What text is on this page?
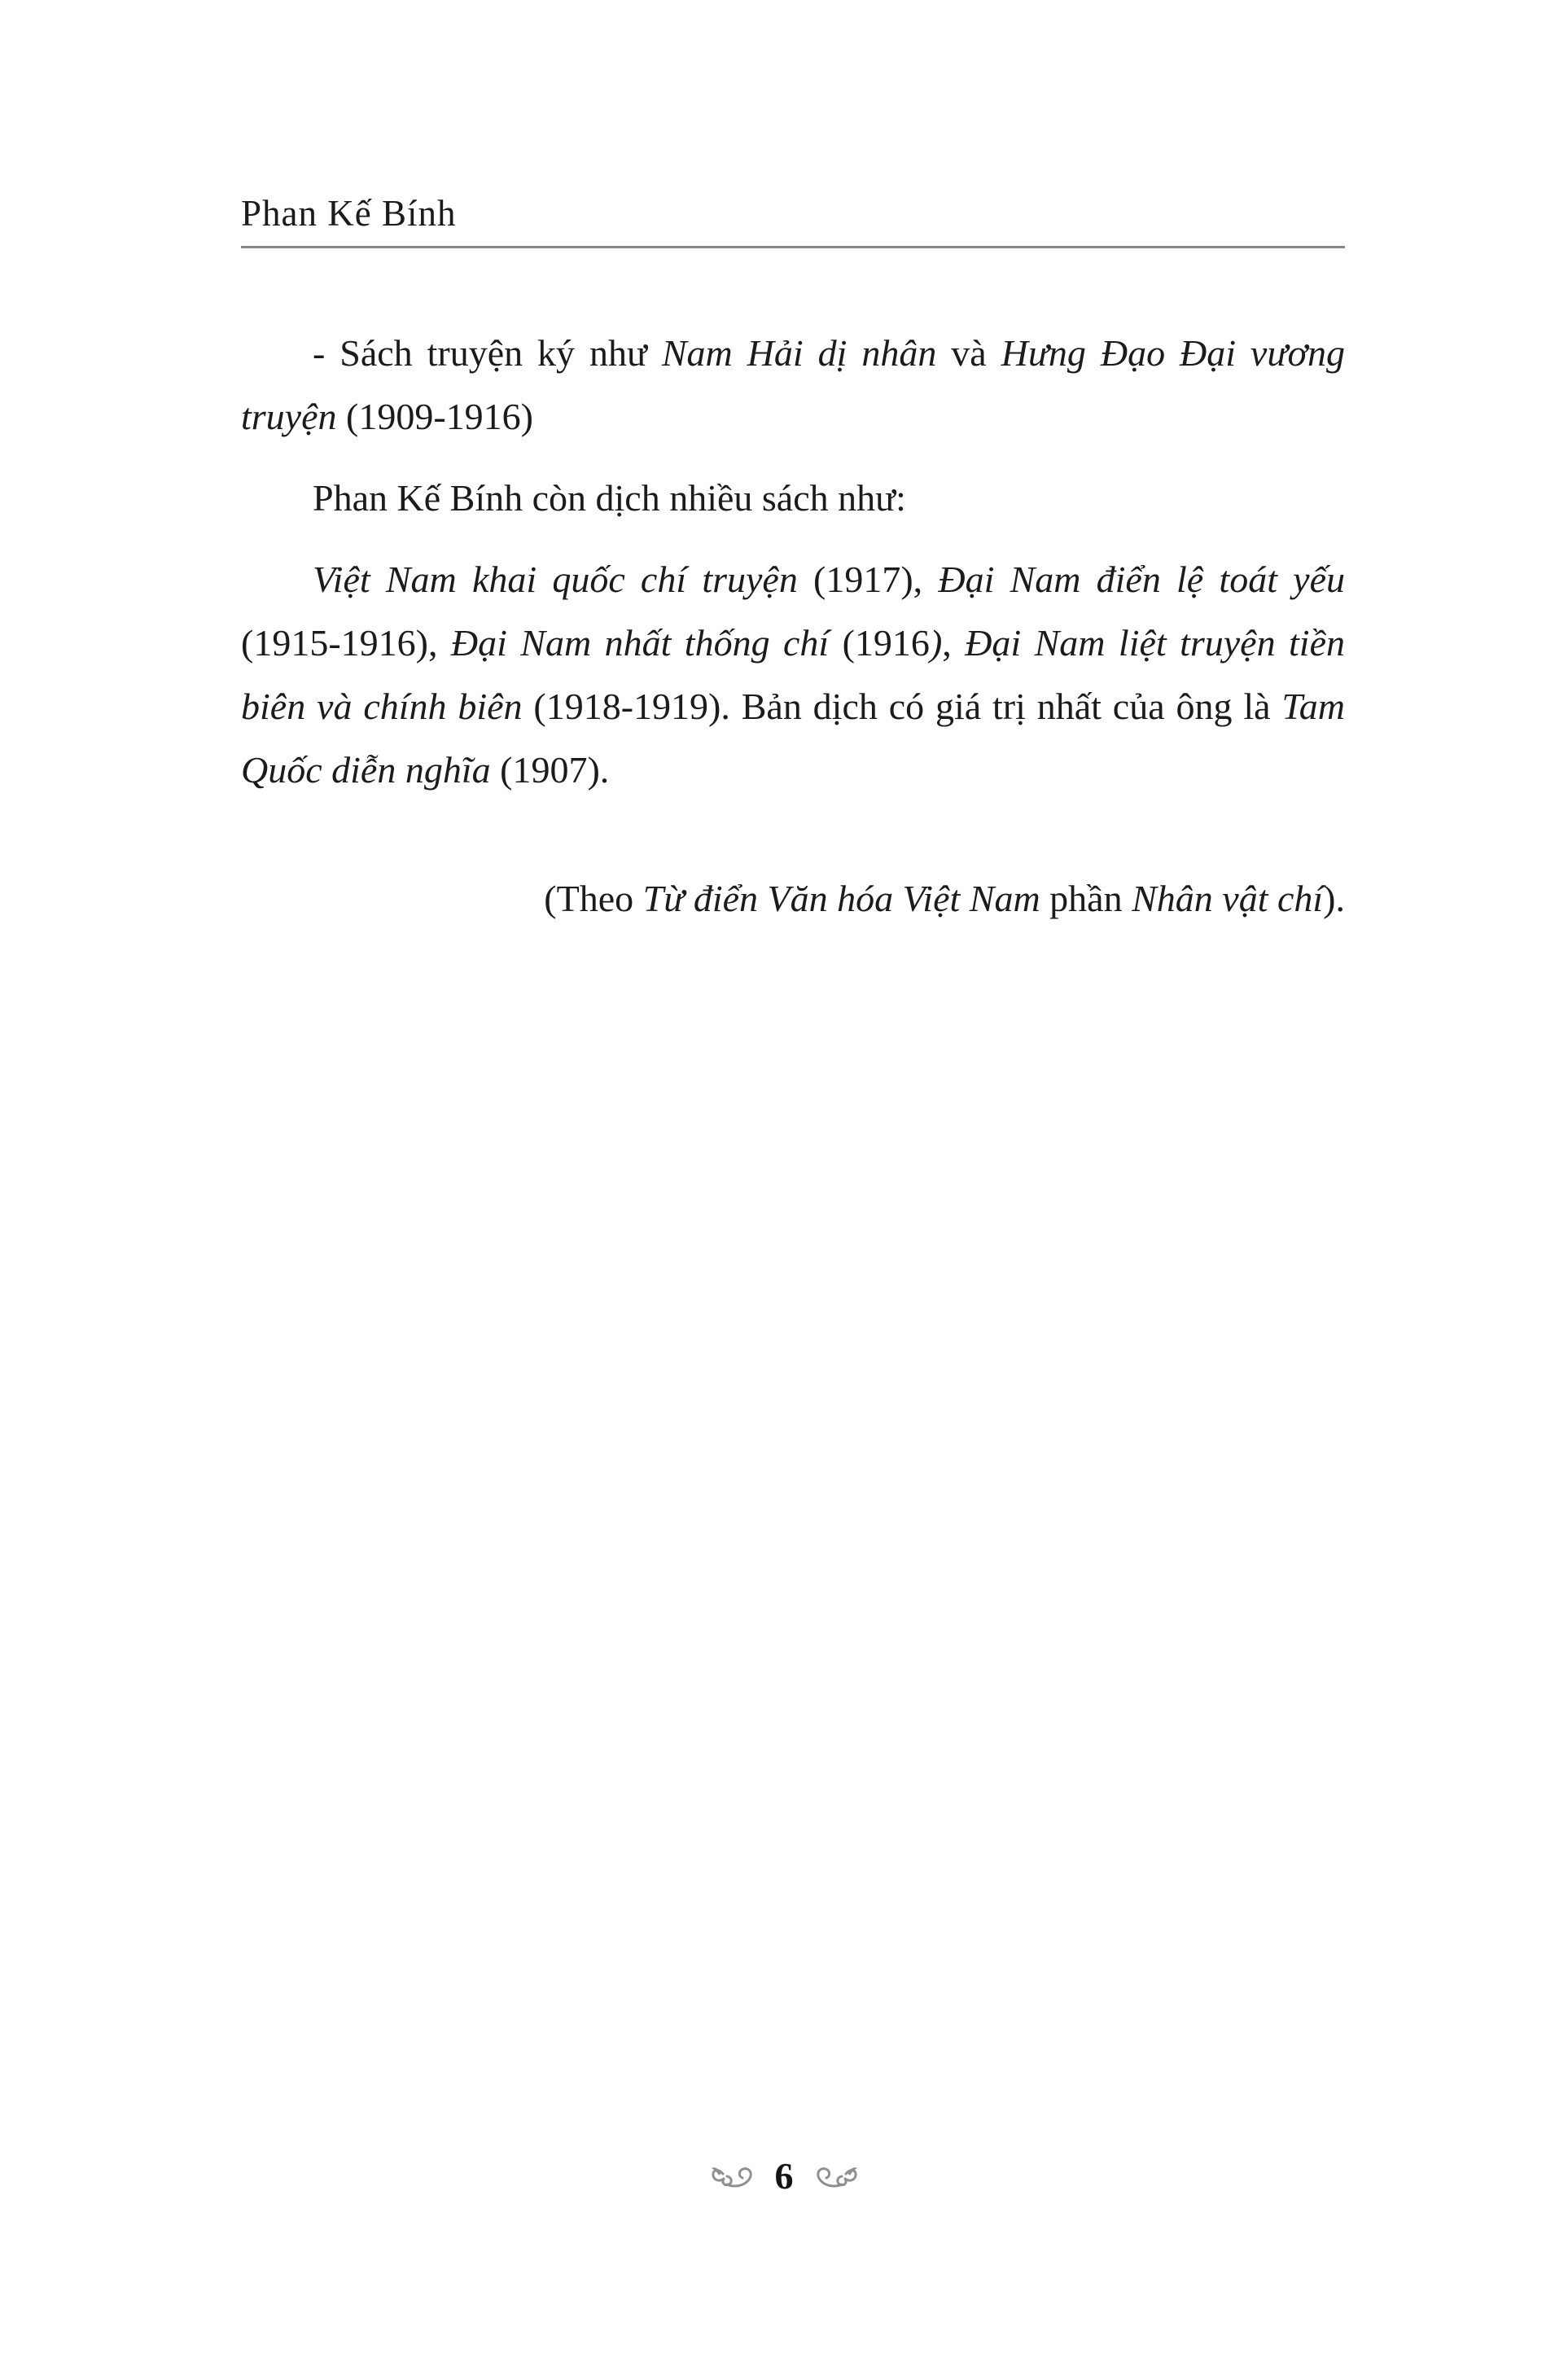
Phan Kế Bính

- Sách truyện ký như Nam Hải dị nhân và Hưng Đạo Đại vương truyện (1909-1916)

Phan Kế Bính còn dịch nhiều sách như:

Việt Nam khai quốc chí truyện (1917), Đại Nam điển lệ toát yếu (1915-1916), Đại Nam nhất thống chí (1916), Đại Nam liệt truyện tiền biên và chính biên (1918-1919). Bản dịch có giá trị nhất của ông là Tam Quốc diễn nghĩa (1907).

(Theo Từ điển Văn hóa Việt Nam phần Nhân vật chí).

6
